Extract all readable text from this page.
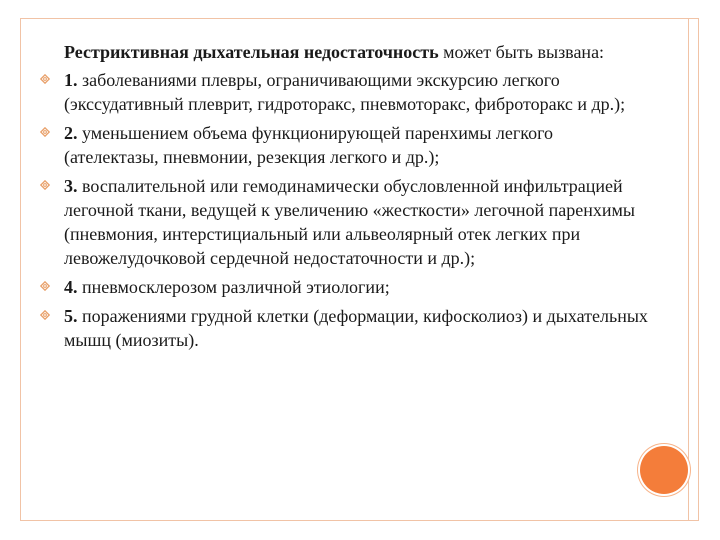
Рестриктивная дыхательная недостаточность может быть вызвана:

1. заболеваниями плевры, ограничивающими экскурсию легкого (экссудативный плеврит, гидроторакс, пневмоторакс, фиброторакс и др.);
2. уменьшением объема функционирующей паренхимы легкого (ателектазы, пневмонии, резекция легкого и др.);
3. воспалительной или гемодинамически обусловленной инфильтрацией легочной ткани, ведущей к увеличению «жесткости» легочной паренхимы (пневмония, интерстициальный или альвеолярный отек легких при левожелудочковой сердечной недостаточности и др.);
4. пневмосклерозом различной этиологии;
5. поражениями грудной клетки (деформации, кифосколиоз) и дыхательных мышц (миозиты).
